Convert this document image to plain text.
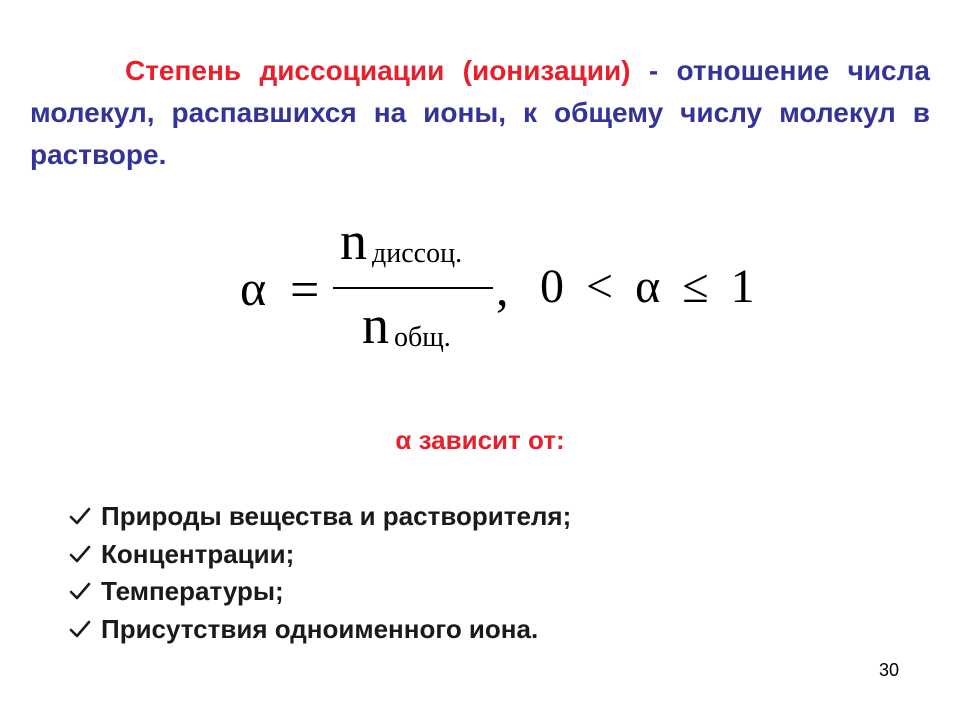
Степень диссоциации (ионизации) - отношение числа молекул, распавшихся на ионы, к общему числу молекул в растворе.

α =
n диссоц.
n общ.
, 0 < α ≤ 1
α зависит от:
Природы вещества и растворителя;
Концентрации;
Температуры;
Присутствия одноименного иона.
30
